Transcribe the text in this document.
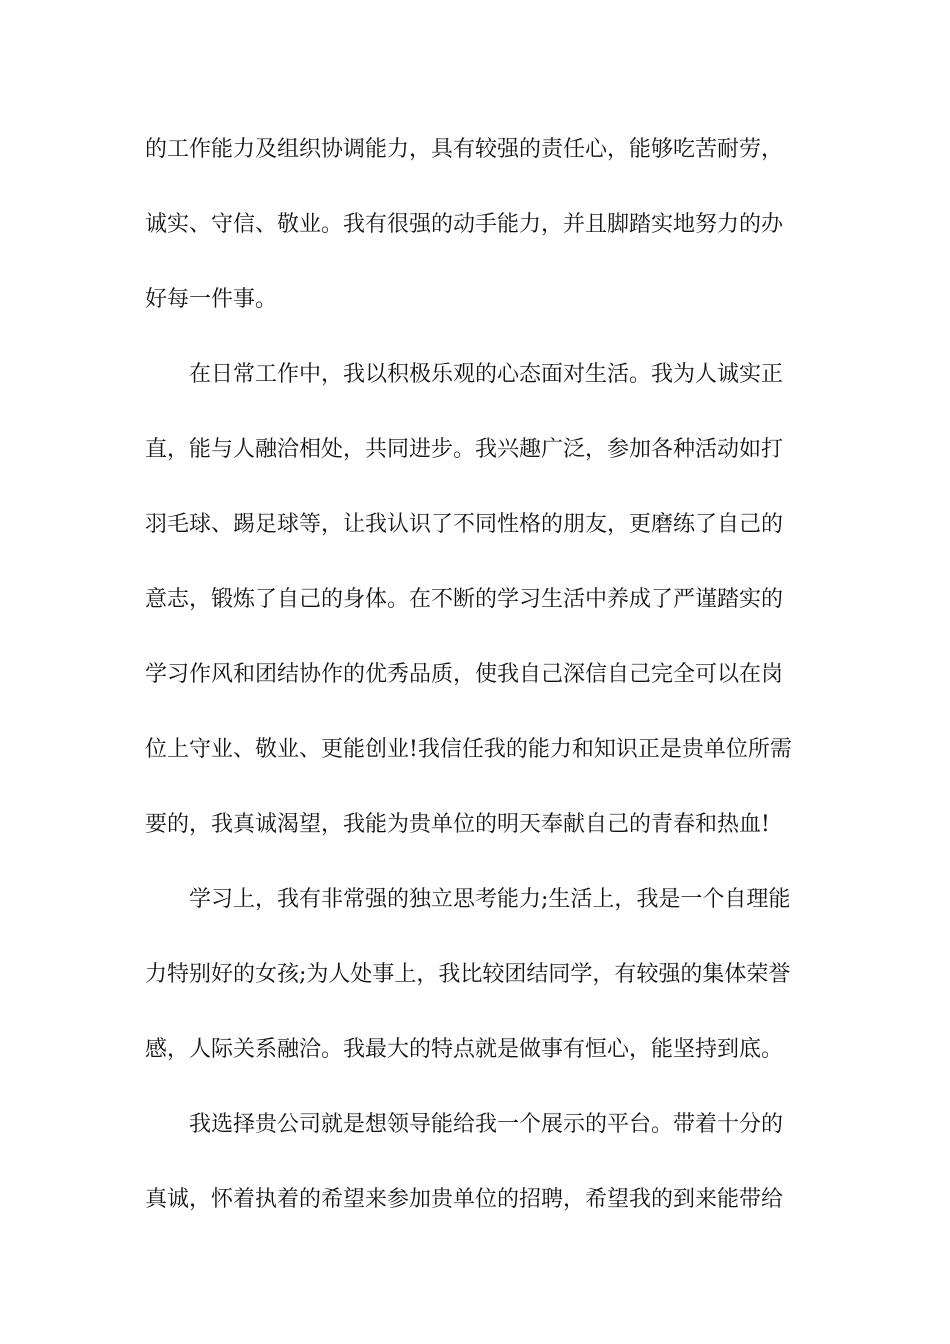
的工作能力及组织协调能力，具有较强的责任心，能够吃苦耐劳，
诚实、守信、敬业。我有很强的动手能力，并且脚踏实地努力的办
好每一件事。
在日常工作中，我以积极乐观的心态面对生活。我为人诚实正
直，能与人融洽相处，共同进步。我兴趣广泛，参加各种活动如打
羽毛球、踢足球等，让我认识了不同性格的朋友，更磨练了自己的
意志，锻炼了自己的身体。在不断的学习生活中养成了严谨踏实的
学习作风和团结协作的优秀品质，使我自己深信自己完全可以在岗
位上守业、敬业、更能创业!我信任我的能力和知识正是贵单位所需
要的，我真诚渴望，我能为贵单位的明天奉献自己的青春和热血!
学习上，我有非常强的独立思考能力;生活上，我是一个自理能
力特别好的女孩;为人处事上，我比较团结同学，有较强的集体荣誉
感，人际关系融洽。我最大的特点就是做事有恒心，能坚持到底。
我选择贵公司就是想领导能给我一个展示的平台。带着十分的
真诚，怀着执着的希望来参加贵单位的招聘，希望我的到来能带给
